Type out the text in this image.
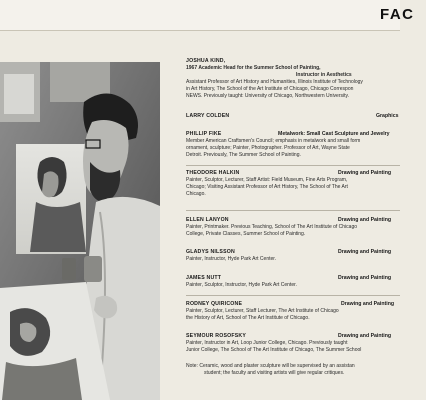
FAC
JOSHUA KIND,
1967 Academic Head for the Summer School of Painting,
Instructor in Aesthetics
Assistant Professor of Art History and Humanities, Illinois Institute of Technology
in Art History, The School of the Art Institute of Chicago, Chicago Correspon
NEWS. Previously taught: University of Chicago, Northwestern University.
LARRY COLDEN	Graphics
PHILLIP FIKE	Metalwork: Small Cast Sculpture and Jewelry
Member American Craftsmen's Council; emphasis in metalwork and small form
ornament, sculpture; Painter, Photographer. Professor of Art, Wayne State
Detroit. Previously, The Summer School of Painting.
THEODORE HALKIN	Drawing and Painting
Painter, Sculptor, Lecturer, Staff Artist: Field Museum, Fine Arts Program,
Chicago; Visiting Assistant Professor of Art History, The School of The Art
Chicago.
ELLEN LANYON	Drawing and Painting
Painter, Printmaker. Previous Teaching, School of The Art Institute of Chicago
College, Private Classes, Summer School of Painting.
GLADYS NILSSON	Drawing and Painting
Painter, Instructor, Hyde Park Art Center.
JAMES NUTT	Drawing and Painting
Painter, Sculptor, Instructor, Hyde Park Art Center.
RODNEY QUIRICONE	Drawing and Painting
Painter, Sculptor, Lecturer, Staff Lecturer, The Art Institute of Chicago
the History of Art, School of The Art Institute of Chicago.
SEYMOUR ROSOFSKY	Drawing and Painting
Painter, Instructor in Art, Loop Junior College, Chicago. Previously taught
Junior College, The School of The Art Institute of Chicago, The Summer School
Note: Ceramic, wood and plaster sculpture will be supervised by an assistan
student; the faculty and visiting artists will give regular critiques.
